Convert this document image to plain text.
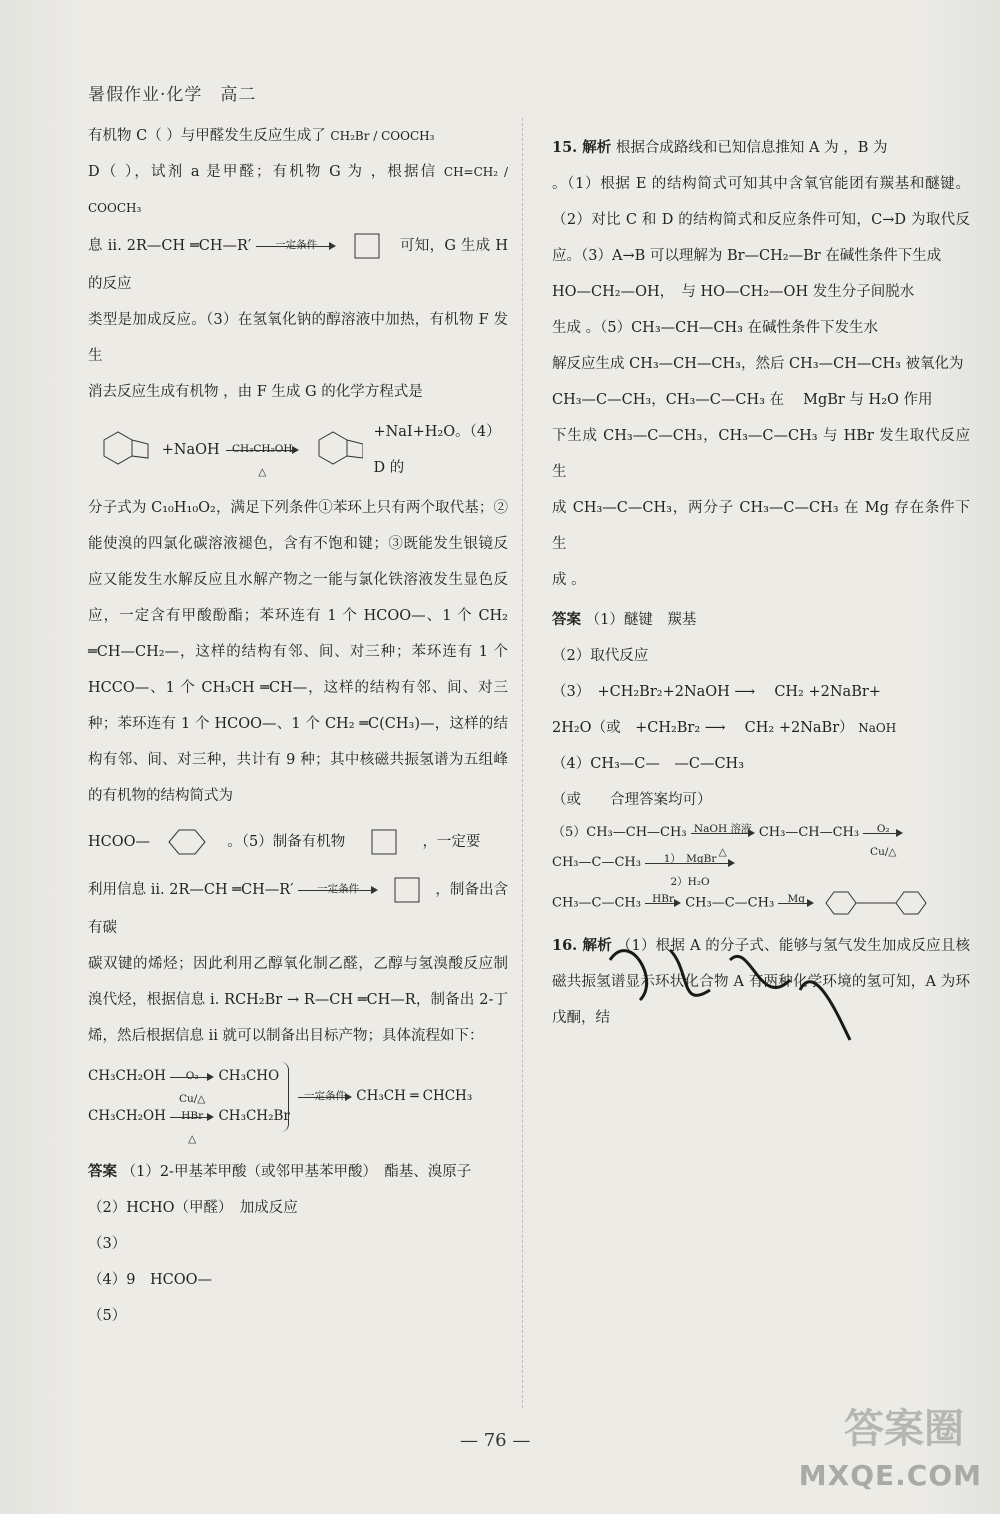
暑假作业·化学　高二

有机物 C（ ）与甲醛发生反应生成了 CH₂Br / COOCH₃

D（ ），试剂 a 是甲醛；有机物 G 为 ，根据信 CH=CH₂ / COOCH₃

息 ⅱ. 2R—CH ═CH—R′	一定条件	可知，G 生成 H 的反应

类型是加成反应。（3）在氢氧化钠的醇溶液中加热，有机物 F 发生

消去反应生成有机物 ，由 F 生成 G 的化学方程式是

+NaOH	CH₃CH₂OH
△
+NaI+H₂O。（4）D 的

分子式为 C₁₀H₁₀O₂，满足下列条件①苯环上只有两个取代基；②能使溴的四氯化碳溶液褪色，含有不饱和键；③既能发生银镜反应又能发生水解反应且水解产物之一能与氯化铁溶液发生显色反应，一定含有甲酸酚酯；苯环连有 1 个 HCOO—、1 个 CH₂ ═CH—CH₂—，这样的结构有邻、间、对三种；苯环连有 1 个 HCCO—、1 个 CH₃CH ═CH—，这样的结构有邻、间、对三种；苯环连有 1 个 HCOO—、1 个 CH₂ ═C(CH₃)—，这样的结构有邻、间、对三种，共计有 9 种；其中核磁共振氢谱为五组峰的有机物的结构简式为

HCOO—	。（5）制备有机物	，一定要

利用信息 ⅱ. 2R—CH ═CH—R′	一定条件	，制备出含有碳

碳双键的烯烃；因此利用乙醇氧化制乙醛，乙醇与氢溴酸反应制溴代烃，根据信息 ⅰ. RCH₂Br → R—CH ═CH—R，制备出 2-丁烯，然后根据信息 ⅱ 就可以制备出目标产物；具体流程如下：

CH₃CH₂OH	O₂
Cu/△
CH₃CHO
CH₃CH₂OH	HBr
△
CH₃CH₂Br
一定条件 CH₃CH ═ CHCH₃

答案 （1）2-甲基苯甲酸（或邻甲基苯甲酸）　酯基、溴原子

（2）HCHO（甲醛）　加成反应

（3）

（4）9　HCOO—

（5）

15. 解析 根据合成路线和已知信息推知 A 为 ，B 为

。（1）根据 E 的结构简式可知其中含氧官能团有羰基和醚键。（2）对比 C 和 D 的结构简式和反应条件可知，C→D 为取代反应。（3）A→B 可以理解为 Br—CH₂—Br 在碱性条件下生成

HO—CH₂—OH，　与 HO—CH₂—OH 发生分子间脱水

生成 。（5）CH₃—CH—CH₃ 在碱性条件下发生水

解反应生成 CH₃—CH—CH₃，然后 CH₃—CH—CH₃ 被氧化为

CH₃—C—CH₃，CH₃—C—CH₃ 在 　MgBr 与 H₂O 作用

下生成 CH₃—C—CH₃，CH₃—C—CH₃ 与 HBr 发生取代反应生

成 CH₃—C—CH₃，两分子 CH₃—C—CH₃ 在 Mg 存在条件下生

成 。

答案 （1）醚键　羰基

（2）取代反应

（3）　+CH₂Br₂+2NaOH ⟶ 　CH₂ +2NaBr+

2H₂O（或　+CH₂Br₂ ⟶ 　CH₂ +2NaBr） NaOH

（4）CH₃—C—　—C—CH₃

（或　　合理答案均可）

（5）CH₃—CH—CH₃ NaOH 溶液
△
CH₃—CH—CH₃	O₂
Cu/△
CH₃—C—CH₃	1）　MgBr
2）H₂O
CH₃—C—CH₃	HBr CH₃—C—CH₃	Mg

16. 解析 （1）根据 A 的分子式、能够与氢气发生加成反应且核磁共振氢谱显示环状化合物 A 有两种化学环境的氢可知，A 为环戊酮，结

— 76 —	答案圈
MXQE.COM
